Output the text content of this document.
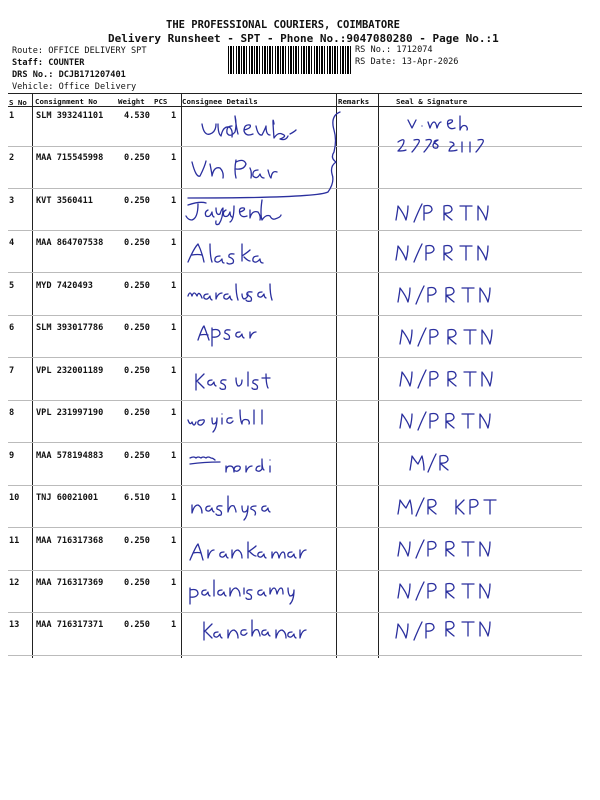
THE PROFESSIONAL COURIERS, COIMBATORE
Delivery Runsheet - SPT - Phone No.:9047080280 - Page No.:1
Route: OFFICE DELIVERY SPT
Staff: COUNTER
DRS No.: DCJB171207401
Vehicle: Office Delivery
RS No.: 1712074
RS Date: 13-Apr-2026
S No Consignment No	Weight PCS Consignee Details	Remarks	Seal & Signature
1	SLM 393241101 4.530 1
2	MAA 715545998 0.250 1
3	KVT 3560411	0.250 1
4	MAA 864707538 0.250 1
5	MYD 7420493	0.250 1
6	SLM 393017786 0.250 1
7	VPL 232001189 0.250 1
8	VPL 231997190 0.250 1
9	MAA 578194883 0.250 1
10 TNJ 60021001	6.510 1
11 MAA 716317368 0.250 1
12 MAA 716317369 0.250 1
13 MAA 716317371 0.250 1
